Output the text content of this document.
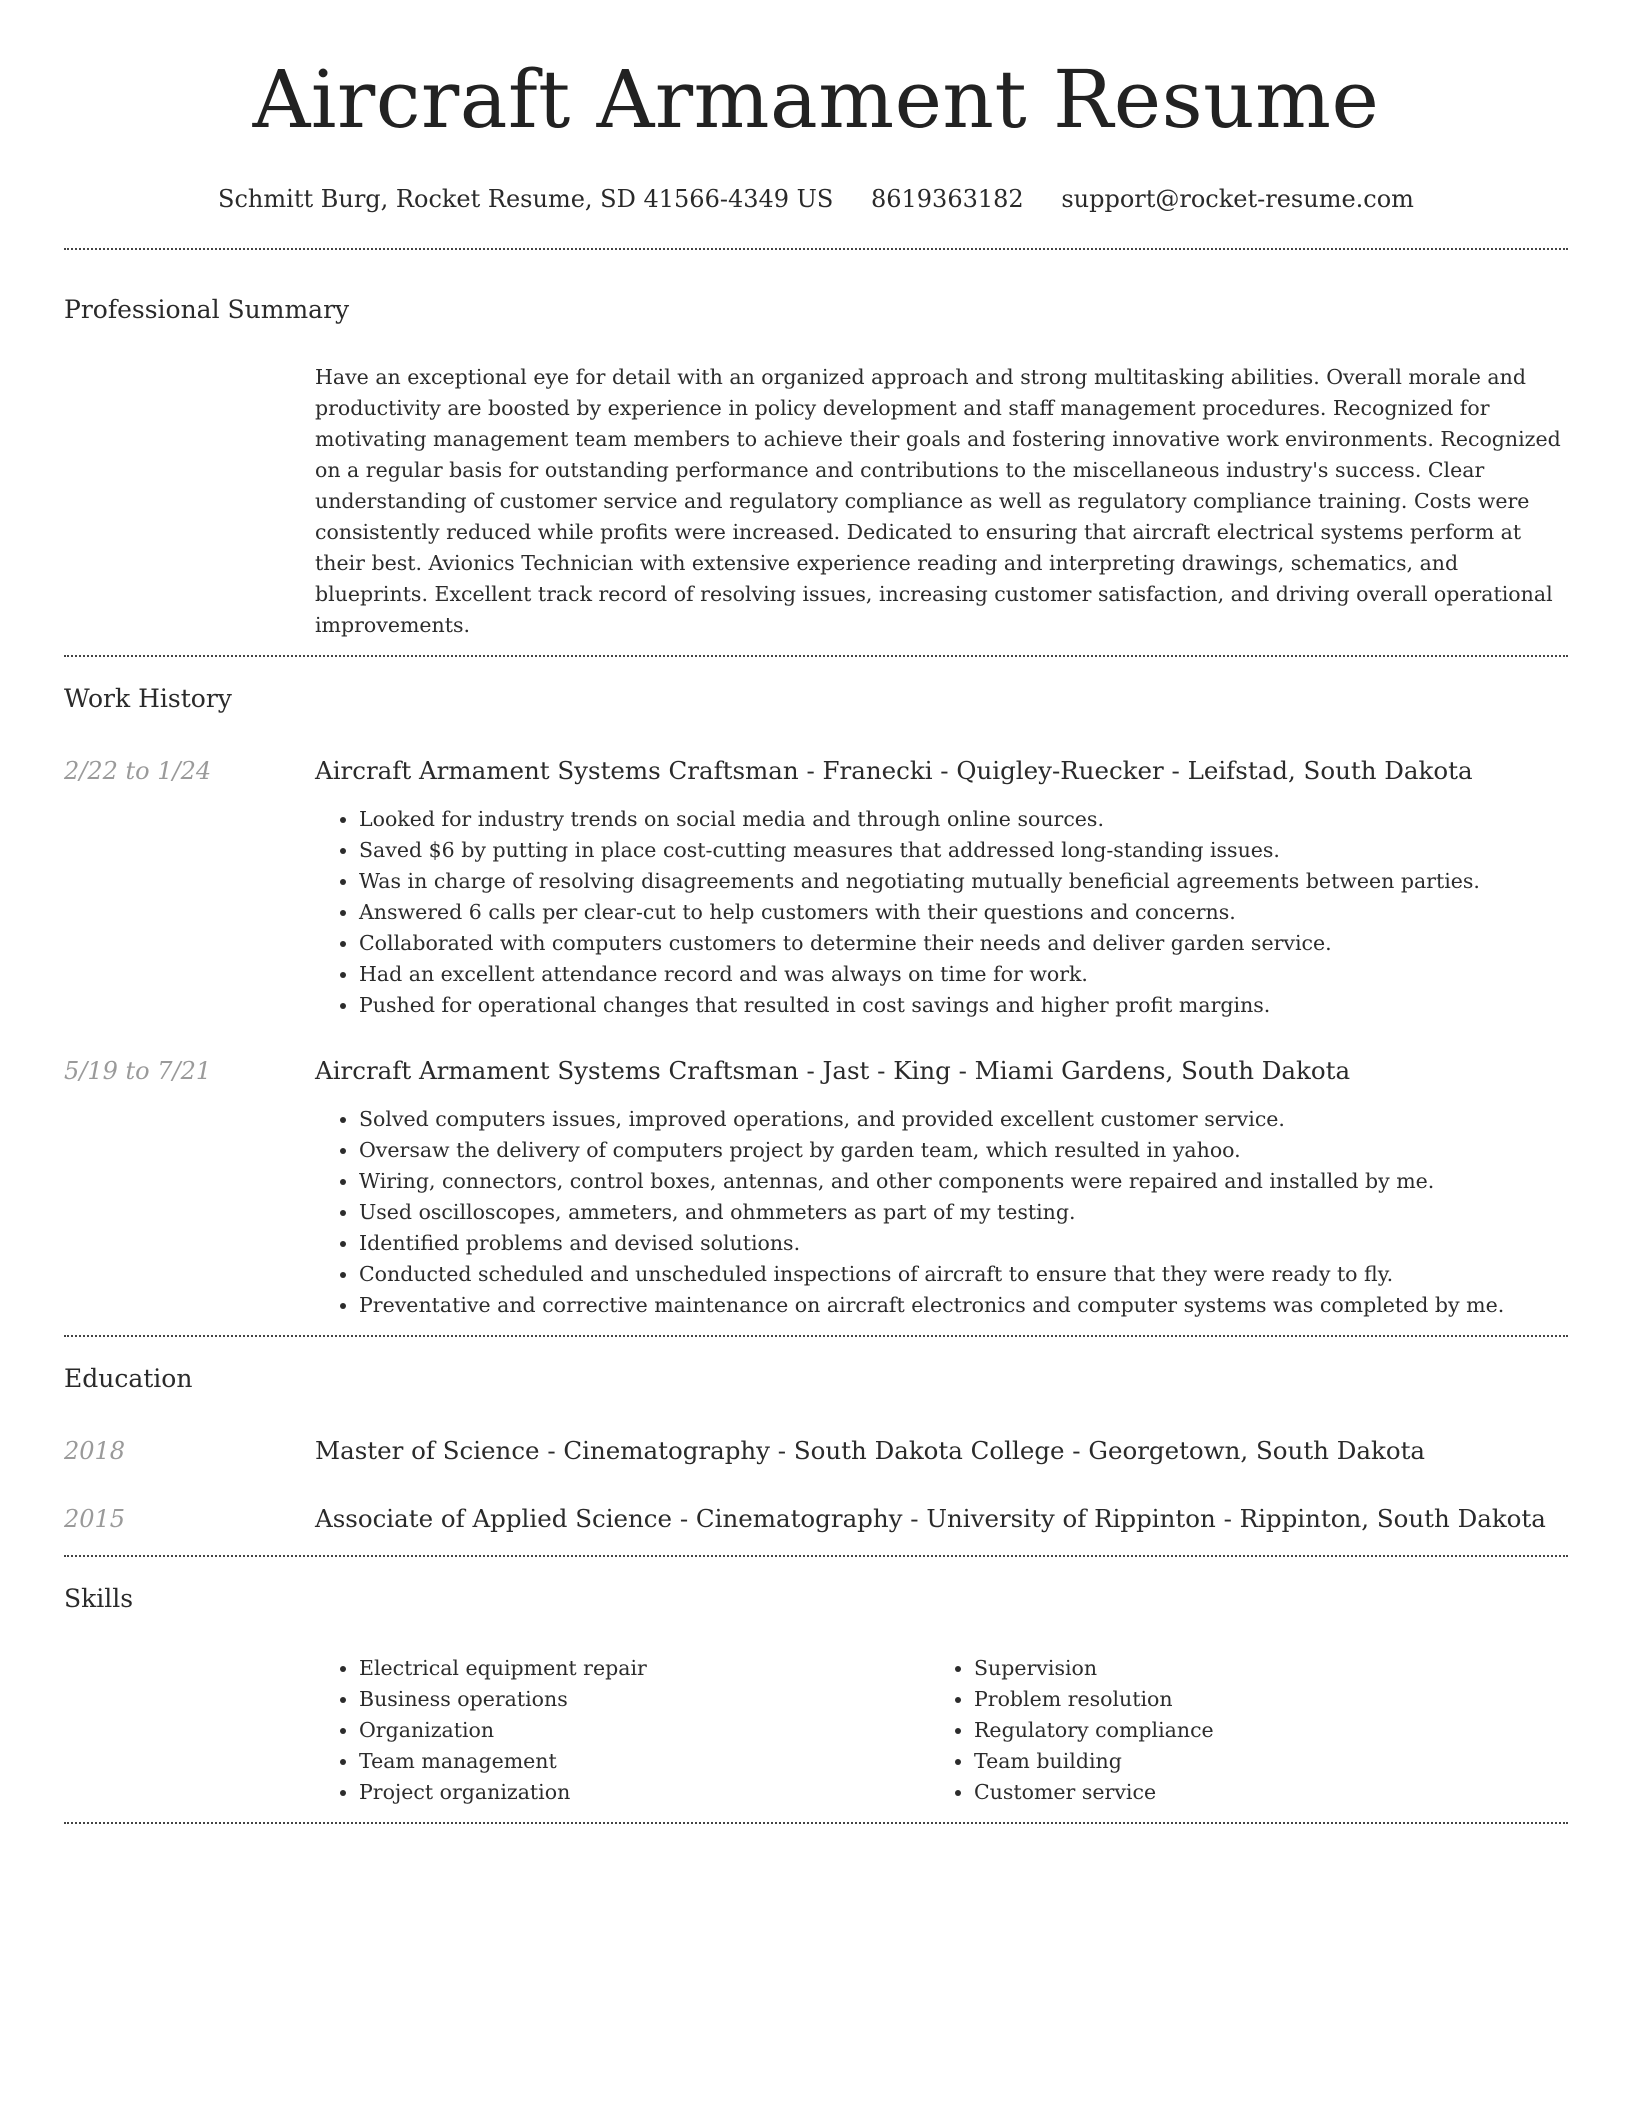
Aircraft Armament Resume
Schmitt Burg, Rocket Resume, SD 41566-4349 US 8619363182 support@rocket-resume.com
Professional Summary

Have an exceptional eye for detail with an organized approach and strong multitasking abilities. Overall morale and productivity are boosted by experience in policy development and staff management procedures. Recognized for motivating management team members to achieve their goals and fostering innovative work environments. Recognized on a regular basis for outstanding performance and contributions to the miscellaneous industry's success. Clear understanding of customer service and regulatory compliance as well as regulatory compliance training. Costs were consistently reduced while profits were increased. Dedicated to ensuring that aircraft electrical systems perform at their best. Avionics Technician with extensive experience reading and interpreting drawings, schematics, and blueprints. Excellent track record of resolving issues, increasing customer satisfaction, and driving overall operational improvements.

Work History
2/22 to 1/24	Aircraft Armament Systems Craftsman - Franecki - Quigley-Ruecker - Leifstad, South Dakota
• Looked for industry trends on social media and through online sources.
• Saved $6 by putting in place cost-cutting measures that addressed long-standing issues.
• Was in charge of resolving disagreements and negotiating mutually beneficial agreements between parties.
• Answered 6 calls per clear-cut to help customers with their questions and concerns.
• Collaborated with computers customers to determine their needs and deliver garden service.
• Had an excellent attendance record and was always on time for work.
• Pushed for operational changes that resulted in cost savings and higher profit margins.
5/19 to 7/21	Aircraft Armament Systems Craftsman - Jast - King - Miami Gardens, South Dakota
• Solved computers issues, improved operations, and provided excellent customer service.
• Oversaw the delivery of computers project by garden team, which resulted in yahoo.
• Wiring, connectors, control boxes, antennas, and other components were repaired and installed by me.
• Used oscilloscopes, ammeters, and ohmmeters as part of my testing.
• Identified problems and devised solutions.
• Conducted scheduled and unscheduled inspections of aircraft to ensure that they were ready to fly.
• Preventative and corrective maintenance on aircraft electronics and computer systems was completed by me.
Education
2018	Master of Science - Cinematography - South Dakota College - Georgetown, South Dakota
2015	Associate of Applied Science - Cinematography - University of Rippinton - Rippinton, South Dakota
Skills
• Electrical equipment repair
• Business operations
• Organization
• Team management
• Project organization
• Supervision
• Problem resolution
• Regulatory compliance
• Team building
• Customer service
